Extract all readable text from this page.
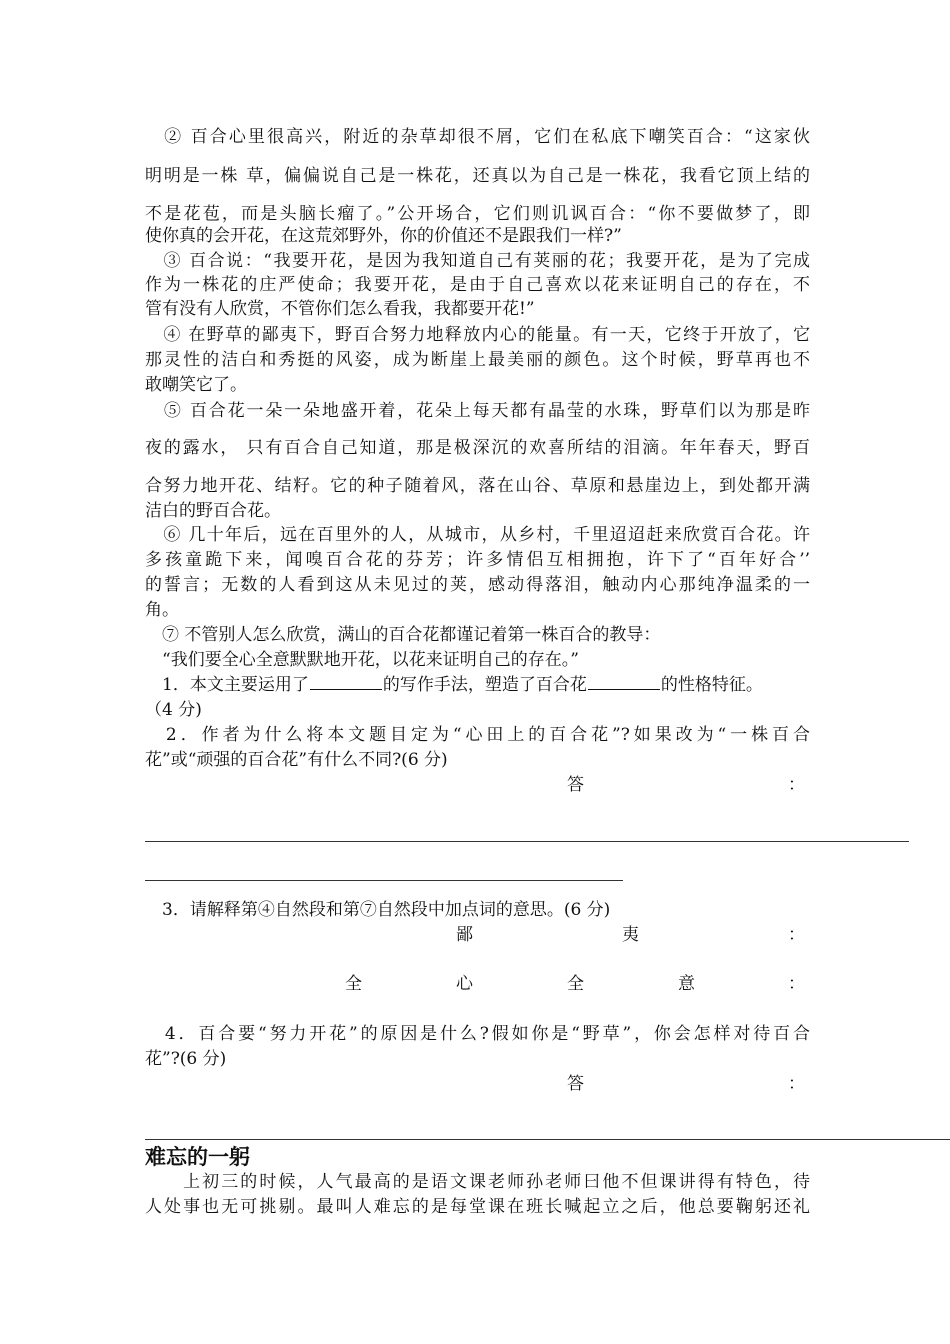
　② 百合心里很高兴，附近的杂草却很不屑，它们在私底下嘲笑百合：“这家伙
明明是一株 草，偏偏说自己是一株花，还真以为自己是一株花，我看它顶上结的
不是花苞，而是头脑长瘤了。”公开场合，它们则讥讽百合：“你不要做梦了，即
使你真的会开花，在这荒郊野外，你的价值还不是跟我们一样?”
　③ 百合说：“我要开花，是因为我知道自己有荚丽的花；我要开花，是为了完成
作为一株花的庄严使命；我要开花，是由于自己喜欢以花来证明自己的存在，不
管有没有人欣赏，不管你们怎么看我，我都要开花!”
　④ 在野草的鄙夷下，野百合努力地释放内心的能量。有一天，它终于开放了，它
那灵性的洁白和秀挺的风姿，成为断崖上最美丽的颜色。这个时候，野草再也不
敢嘲笑它了。
　⑤ 百合花一朵一朵地盛开着，花朵上每天都有晶莹的水珠，野草们以为那是昨
夜的露水， 只有百合自己知道，那是极深沉的欢喜所结的泪滴。年年春天，野百
合努力地开花、结籽。它的种子随着风，落在山谷、草原和悬崖边上，到处都开满
洁白的野百合花。
　⑥ 几十年后，远在百里外的人，从城市，从乡村，千里迢迢赶来欣赏百合花。许
多孩童跪下来，闻嗅百合花的芬芳；许多情侣互相拥抱，许下了“百年好合’’
的誓言；无数的人看到这从未见过的荚，感动得落泪，触动内心那纯净温柔的一
角。
　⑦ 不管别人怎么欣赏，满山的百合花都谨记着第一株百合的教导：
　“我们要全心全意默默地开花，以花来证明自己的存在。”
　1．本文主要运用了	的写作手法，塑造了百合花	的性格特征。
（4 分)
　2．作者为什么将本文题目定为“心田上的百合花”?如果改为“一株百合
花”或“顽强的百合花”有什么不同?(6 分)
答	：
　3．请解释第④自然段和第⑦自然段中加点词的意思。(6 分)
鄙	夷	：
全	心	全	意	：
　4．百合要“努力开花”的原因是什么?假如你是“野草”，你会怎样对待百合
花”?(6 分)
答	：
难忘的一躬
　　上初三的时候，人气最高的是语文课老师孙老师曰他不但课讲得有特色，待
人处事也无可挑剔。最叫人难忘的是每堂课在班长喊起立之后，他总要鞠躬还礼
